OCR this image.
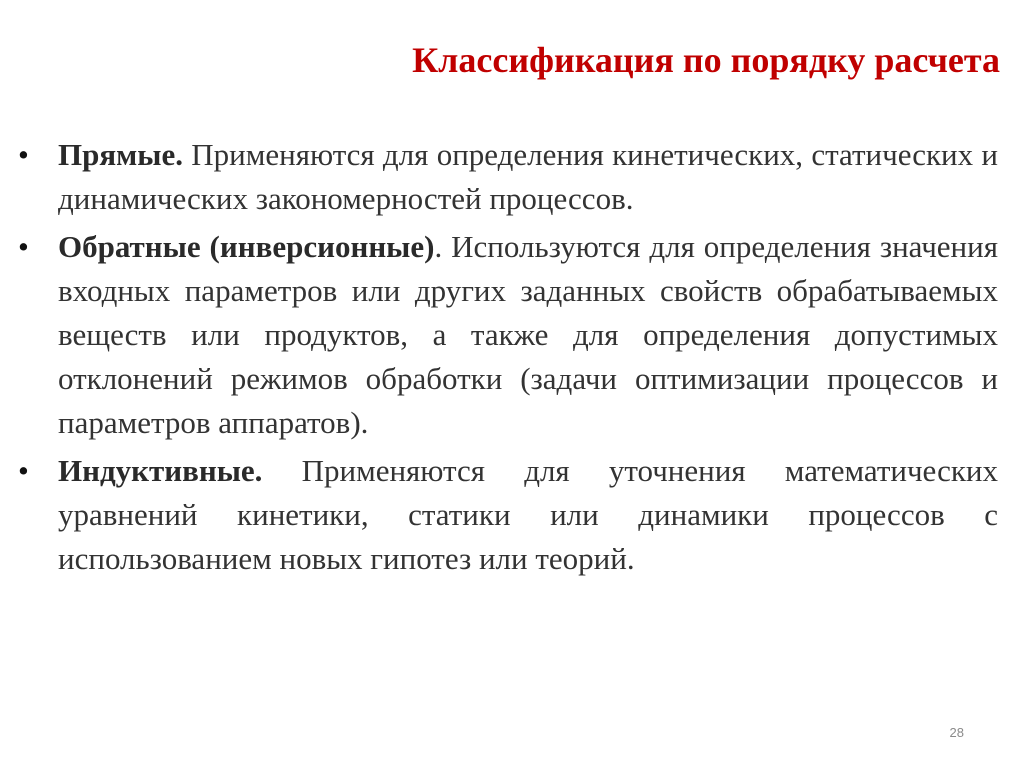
Классификация по порядку расчета
• Прямые. Применяются для определения кинетических, статических и динамических закономерностей процессов.
• Обратные (инверсионные). Используются для определения значения входных параметров или других заданных свойств обрабатываемых веществ или продуктов, а также для определения допустимых отклонений режимов обработки (задачи оптимизации процессов и параметров аппаратов).
• Индуктивные. Применяются для уточнения математических уравнений кинетики, статики или динамики процессов с использованием новых гипотез или теорий.
28
